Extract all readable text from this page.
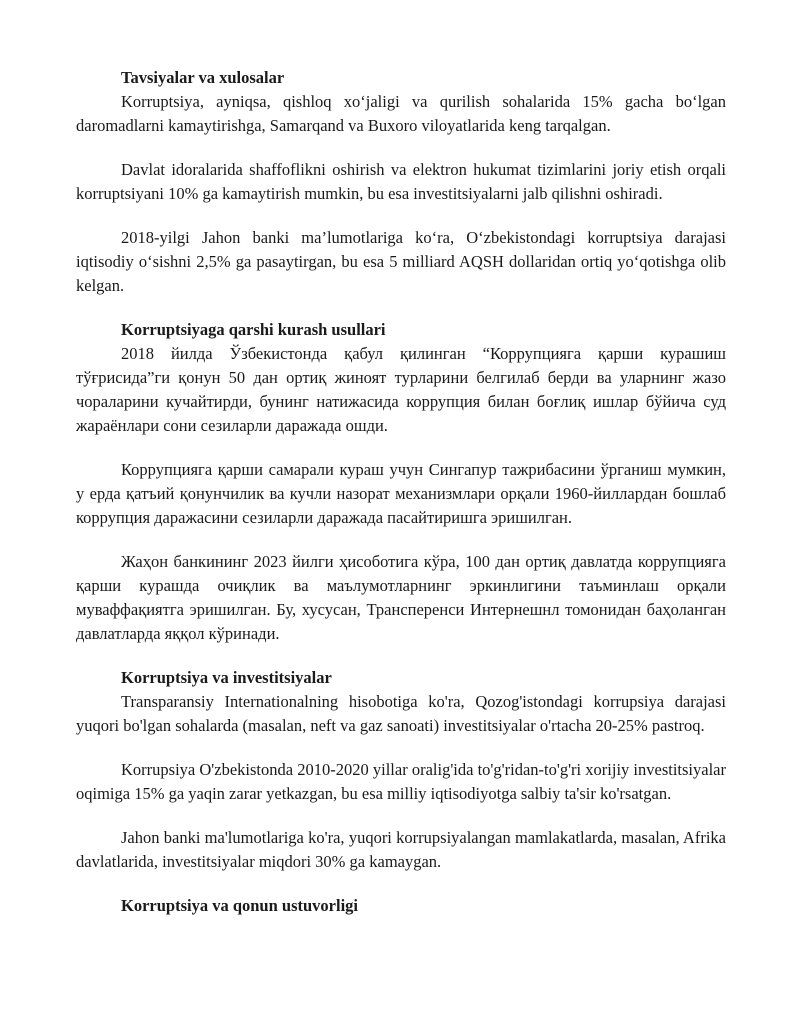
Tavsiyalar va xulosalar

Korruptsiya, ayniqsa, qishloq xo‘jaligi va qurilish sohalarida 15% gacha bo‘lgan daromadlarni kamaytirishga, Samarqand va Buxoro viloyatlarida keng tarqalgan.

Davlat idoralarida shaffoflikni oshirish va elektron hukumat tizimlarini joriy etish orqali korruptsiyani 10% ga kamaytirish mumkin, bu esa investitsiyalarni jalb qilishni oshiradi.

2018-yilgi Jahon banki ma’lumotlariga ko‘ra, O‘zbekistondagi korruptsiya darajasi iqtisodiy o‘sishni 2,5% ga pasaytirgan, bu esa 5 milliard AQSH dollaridan ortiq yo‘qotishga olib kelgan.

Korruptsiyaga qarshi kurash usullari

2018 йилда Ўзбекистонда қабул қилинган “Коррупцияга қарши курашиш тўғрисида”ги қонун 50 дан ортиқ жиноят турларини белгилаб берди ва уларнинг жазо чораларини кучайтирди, бунинг натижасида коррупция билан боғлиқ ишлар бўйича суд жараёнлари сони сезиларли даражада ошди.

Коррупцияга қарши самарали кураш учун Сингапур тажрибасини ўрганиш мумкин, у ерда қатъий қонунчилик ва кучли назорат механизмлари орқали 1960-йиллардан бошлаб коррупция даражасини сезиларли даражада пасайтиришга эришилган.

Жаҳон банкининг 2023 йилги ҳисоботига кўра, 100 дан ортиқ давлатда коррупцияга қарши курашда очиқлик ва маълумотларнинг эркинлигини таъминлаш орқали муваффақиятга эришилган. Бу, хусусан, Трансперенси Интернешнл томонидан баҳоланган давлатларда яққол кўринади.

Korruptsiya va investitsiyalar

Transparansiy Internationalning hisobotiga ko'ra, Qozog'istondagi korrupsiya darajasi yuqori bo'lgan sohalarda (masalan, neft va gaz sanoati) investitsiyalar o'rtacha 20-25% pastroq.

Korrupsiya O'zbekistonda 2010-2020 yillar oralig'ida to'g'ridan-to'g'ri xorijiy investitsiyalar oqimiga 15% ga yaqin zarar yetkazgan, bu esa milliy iqtisodiyotga salbiy ta'sir ko'rsatgan.

Jahon banki ma'lumotlariga ko'ra, yuqori korrupsiyalangan mamlakatlarda, masalan, Afrika davlatlarida, investitsiyalar miqdori 30% ga kamaygan.

Korruptsiya va qonun ustuvorligi
